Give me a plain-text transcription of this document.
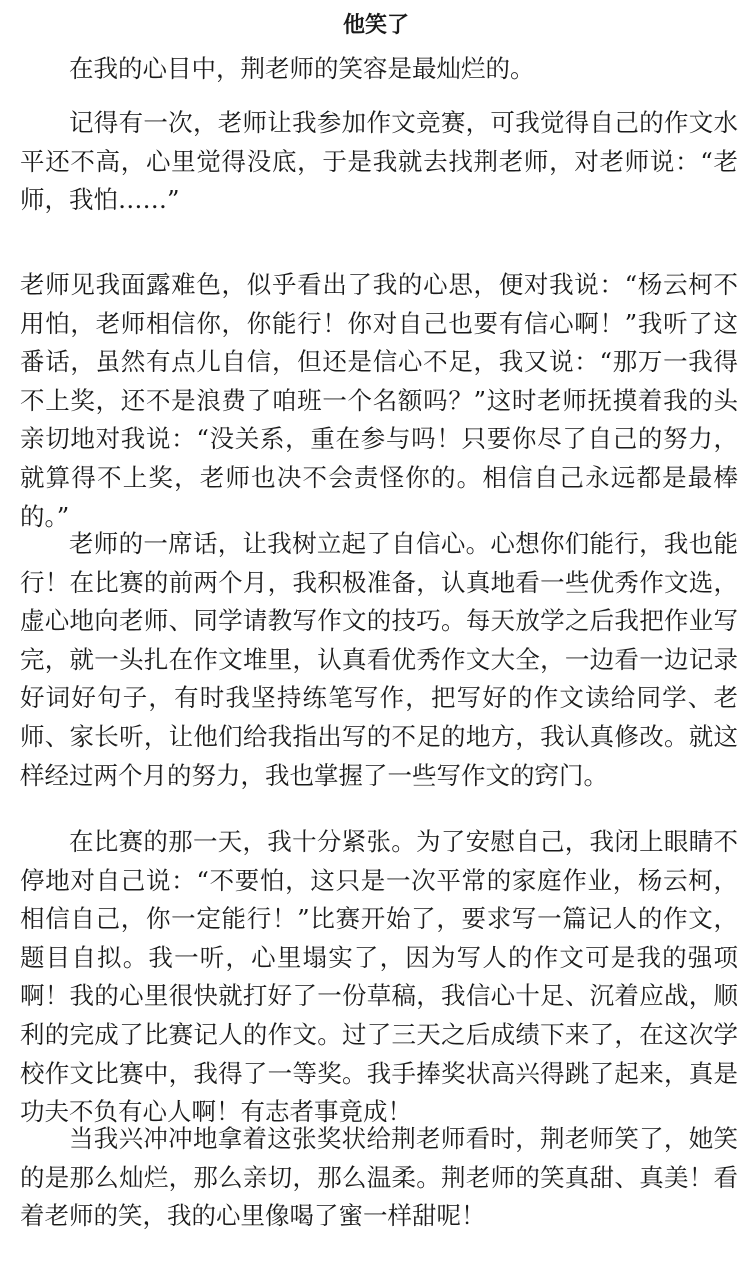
他笑了

在我的心目中，荆老师的笑容是最灿烂的。

记得有一次，老师让我参加作文竞赛，可我觉得自己的作文水平还不高，心里觉得没底，于是我就去找荆老师，对老师说：“老师，我怕……”

老师见我面露难色，似乎看出了我的心思，便对我说：“杨云柯不用怕，老师相信你，你能行！你对自己也要有信心啊！”我听了这番话，虽然有点儿自信，但还是信心不足，我又说：“那万一我得不上奖，还不是浪费了咱班一个名额吗？”这时老师抚摸着我的头亲切地对我说：“没关系，重在参与吗！只要你尽了自己的努力，就算得不上奖，老师也决不会责怪你的。相信自己永远都是最棒的。”

老师的一席话，让我树立起了自信心。心想你们能行，我也能行！在比赛的前两个月，我积极准备，认真地看一些优秀作文选，虚心地向老师、同学请教写作文的技巧。每天放学之后我把作业写完，就一头扎在作文堆里，认真看优秀作文大全，一边看一边记录好词好句子，有时我坚持练笔写作，把写好的作文读给同学、老师、家长听，让他们给我指出写的不足的地方，我认真修改。就这样经过两个月的努力，我也掌握了一些写作文的窍门。

在比赛的那一天，我十分紧张。为了安慰自己，我闭上眼睛不停地对自己说：“不要怕，这只是一次平常的家庭作业，杨云柯，相信自己，你一定能行！”比赛开始了，要求写一篇记人的作文，题目自拟。我一听，心里塌实了，因为写人的作文可是我的强项啊！我的心里很快就打好了一份草稿，我信心十足、沉着应战，顺利的完成了比赛记人的作文。过了三天之后成绩下来了，在这次学校作文比赛中，我得了一等奖。我手捧奖状高兴得跳了起来，真是功夫不负有心人啊！有志者事竟成！

当我兴冲冲地拿着这张奖状给荆老师看时，荆老师笑了，她笑的是那么灿烂，那么亲切，那么温柔。荆老师的笑真甜、真美！看着老师的笑，我的心里像喝了蜜一样甜呢！
